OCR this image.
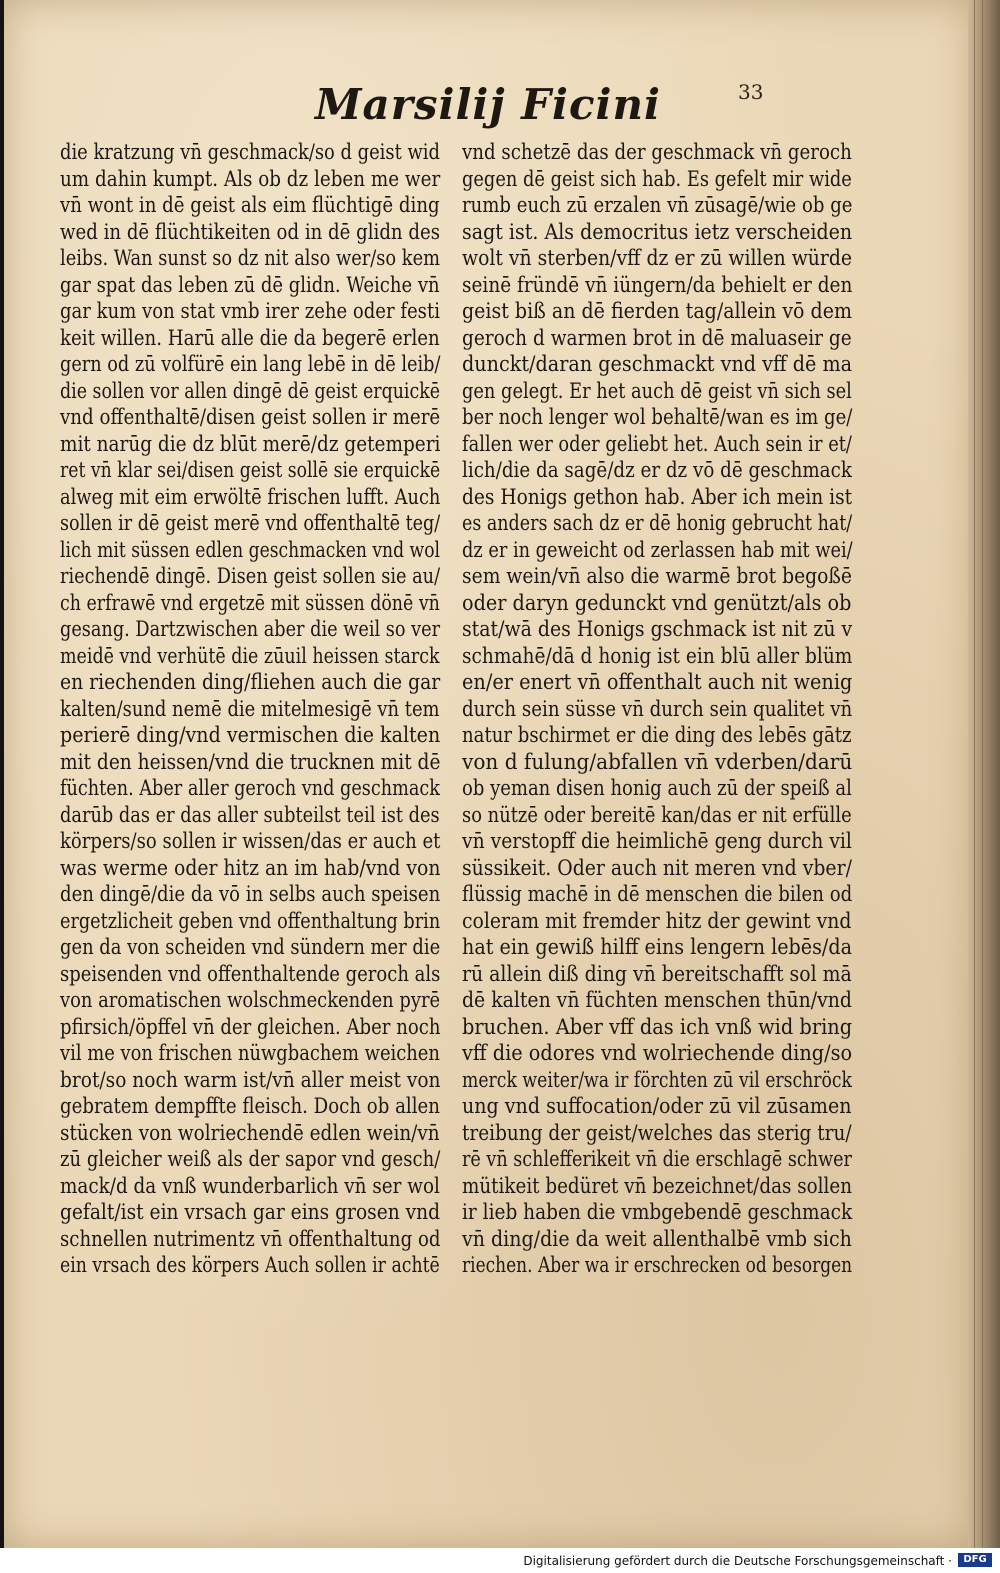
Marsilij Ficini	33
die kratzung vn̄ geschmack/so d geist wid
um dahin kumpt. Als ob dz leben me wer
vn̄ wont in dē geist als eim flüchtigē ding
wed in dē flüchtikeiten od in dē glidn des
leibs. Wan sunst so dz nit also wer/so kem
gar spat das leben zū dē glidn. Weiche vn̄
gar kum von stat vmb irer zehe oder festi
keit willen. Harū alle die da begerē erlen
gern od zū volfürē ein lang lebē in dē leib/
die sollen vor allen dingē dē geist erquickē
vnd offenthaltē/disen geist sollen ir merē
mit narūg die dz blūt merē/dz getemperi
ret vn̄ klar sei/disen geist sollē sie erquickē
alweg mit eim erwöltē frischen lufft. Auch
sollen ir dē geist merē vnd offenthaltē teg/
lich mit süssen edlen geschmacken vnd wol
riechendē dingē. Disen geist sollen sie au/
ch erfrawē vnd ergetzē mit süssen dönē vn̄
gesang. Dartzwischen aber die weil so ver
meidē vnd verhütē die zūuil heissen starck
en riechenden ding/fliehen auch die gar
kalten/sund nemē die mitelmesigē vn̄ tem
perierē ding/vnd vermischen die kalten
mit den heissen/vnd die trucknen mit dē
füchten. Aber aller geroch vnd geschmack
darūb das er das aller subteilst teil ist des
körpers/so sollen ir wissen/das er auch et
was werme oder hitz an im hab/vnd von
den dingē/die da vō in selbs auch speisen
ergetzlicheit geben vnd offenthaltung brin
gen da von scheiden vnd sündern mer die
speisenden vnd offenthaltende geroch als
von aromatischen wolschmeckenden pyrē
pfirsich/öpffel vn̄ der gleichen. Aber noch
vil me von frischen nüwgbachem weichen
brot/so noch warm ist/vn̄ aller meist von
gebratem dempffte fleisch. Doch ob allen
stücken von wolriechendē edlen wein/vn̄
zū gleicher weiß als der sapor vnd gesch/
mack/d da vnß wunderbarlich vn̄ ser wol
gefalt/ist ein vrsach gar eins grosen vnd
schnellen nutrimentz vn̄ offenthaltung od
ein vrsach des körpers Auch sollen ir achtē
vnd schetzē das der geschmack vn̄ geroch
gegen dē geist sich hab. Es gefelt mir wide
rumb euch zū erzalen vn̄ zūsagē/wie ob ge
sagt ist. Als democritus ietz verscheiden
wolt vn̄ sterben/vff dz er zū willen würde
seinē fründē vn̄ iüngern/da behielt er den
geist biß an dē fierden tag/allein vō dem
geroch d warmen brot in dē maluaseir ge
dunckt/daran geschmackt vnd vff dē ma
gen gelegt. Er het auch dē geist vn̄ sich sel
ber noch lenger wol behaltē/wan es im ge/
fallen wer oder geliebt het. Auch sein ir et/
lich/die da sagē/dz er dz vō dē geschmack
des Honigs gethon hab. Aber ich mein ist
es anders sach dz er dē honig gebrucht hat/
dz er in geweicht od zerlassen hab mit wei/
sem wein/vn̄ also die warmē brot begoßē
oder daryn gedunckt vnd genützt/als ob
stat/wā des Honigs gschmack ist nit zū v
schmahē/dā d honig ist ein blū aller blüm
en/er enert vn̄ offenthalt auch nit wenig
durch sein süsse vn̄ durch sein qualitet vn̄
natur bschirmet er die ding des lebēs gātz
von d fulung/abfallen vn̄ vderben/darū
ob yeman disen honig auch zū der speiß al
so nützē oder bereitē kan/das er nit erfülle
vn̄ verstopff die heimlichē geng durch vil
süssikeit. Oder auch nit meren vnd vber/
flüssig machē in dē menschen die bilen od
coleram mit fremder hitz der gewint vnd
hat ein gewiß hilff eins lengern lebēs/da
rū allein diß ding vn̄ bereitschafft sol mā
dē kalten vn̄ füchten menschen thūn/vnd
bruchen. Aber vff das ich vnß wid bring
vff die odores vnd wolriechende ding/so
merck weiter/wa ir förchten zū vil erschröck
ung vnd suffocation/oder zū vil zūsamen
treibung der geist/welches das sterig tru/
rē vn̄ schlefferikeit vn̄ die erschlagē schwer
mütikeit bedüret vn̄ bezeichnet/das sollen
ir lieb haben die vmbgebendē geschmack
vn̄ ding/die da weit allenthalbē vmb sich
riechen. Aber wa ir erschrecken od besorgen
Digitalisierung gefördert durch die Deutsche Forschungsgemeinschaft ·	DFG
